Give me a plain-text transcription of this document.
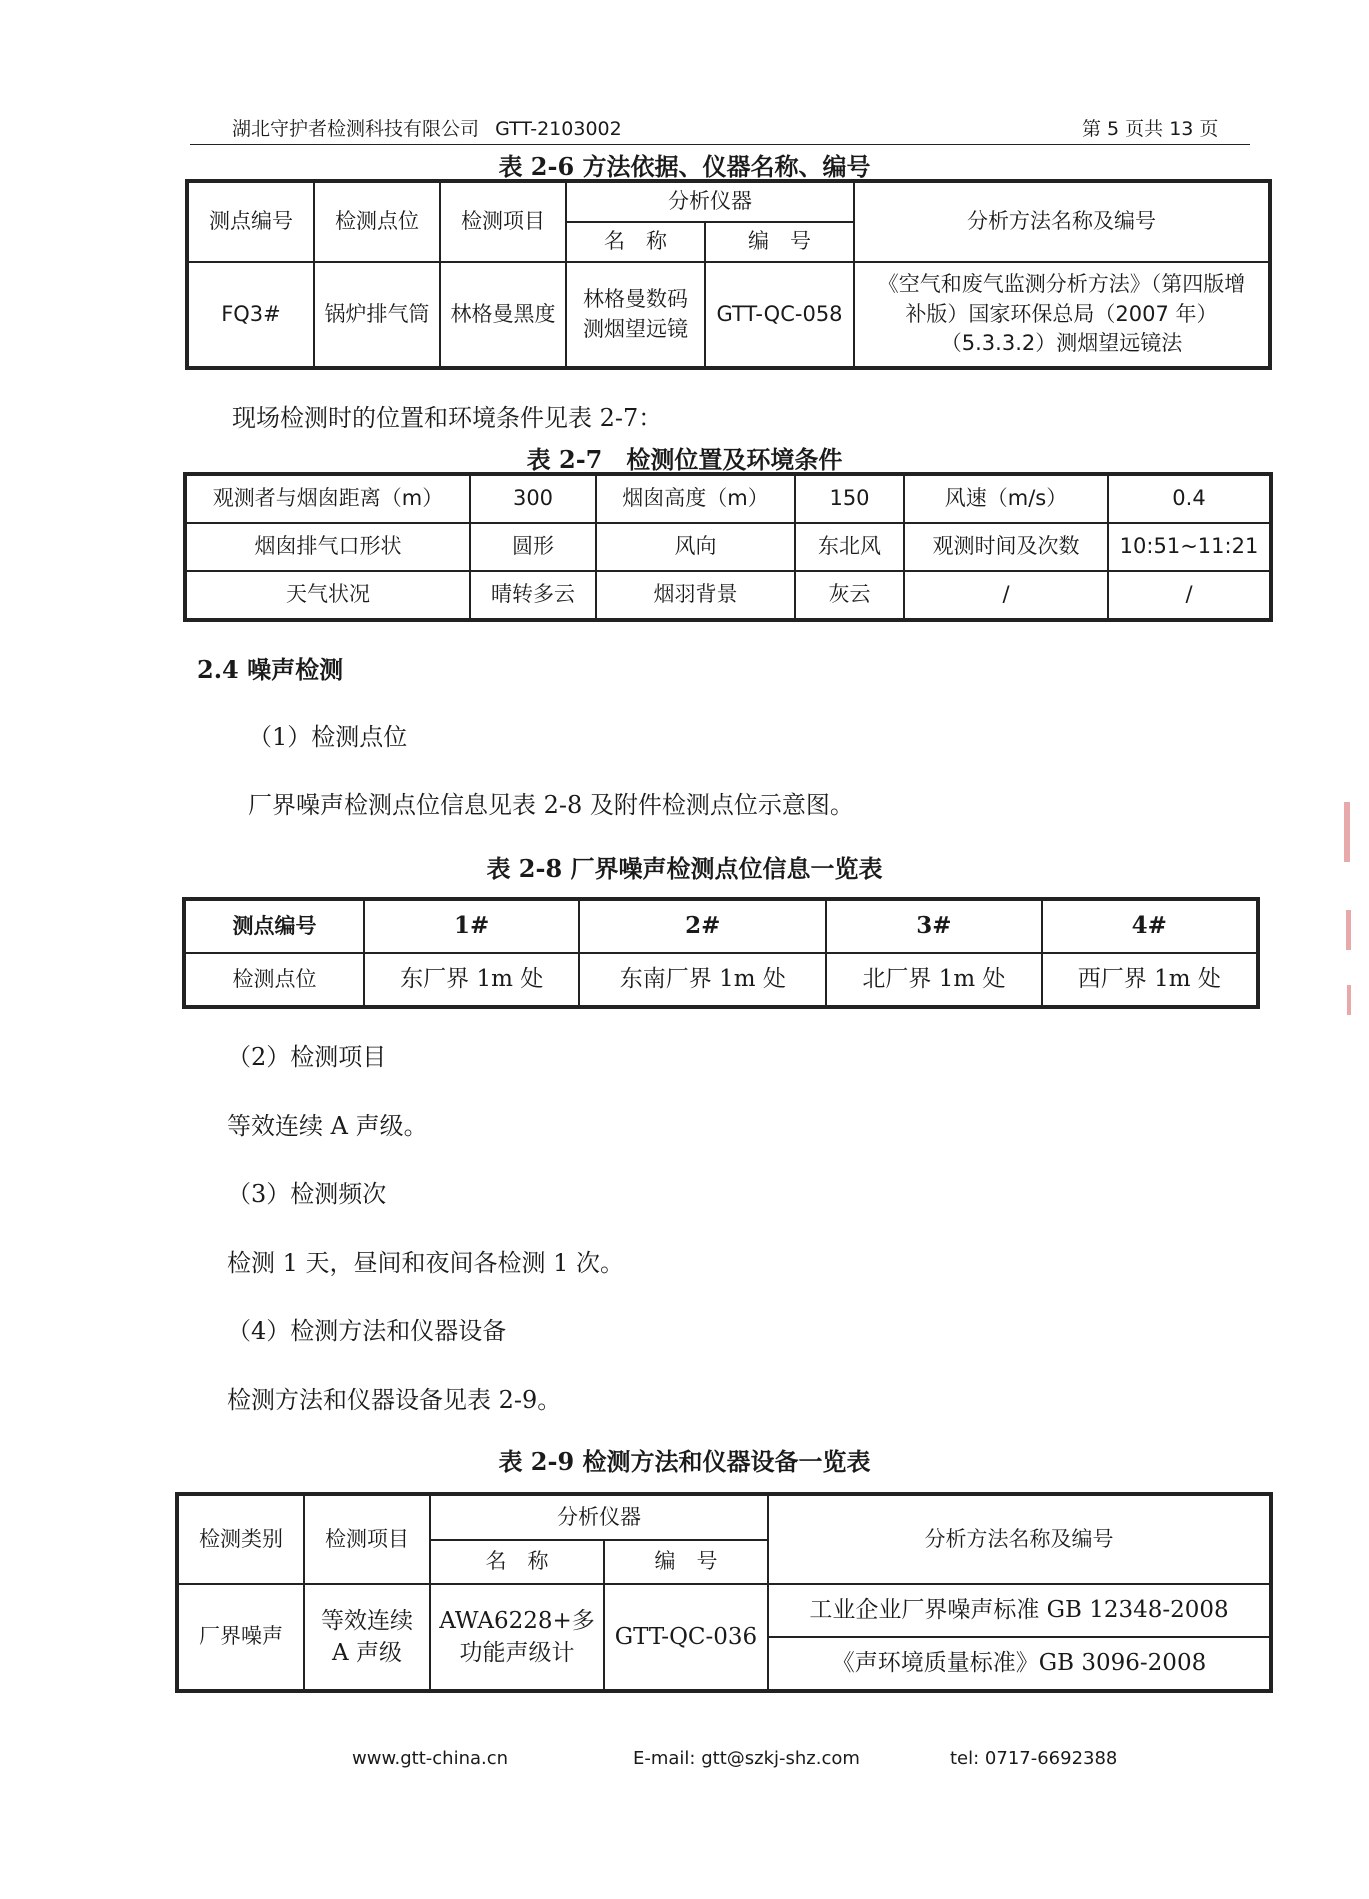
湖北守护者检测科技有限公司 GTT-2103002	第 5 页共 13 页
表 2-6 方法依据、仪器名称、编号
测点编号	检测点位	检测项目	分析仪器		分析方法名称及编号
			名　称	编　号	
FQ3#	锅炉排气筒	林格曼黑度	林格曼数码测烟望远镜	GTT-QC-058	《空气和废气监测分析方法》（第四版增补版）国家环保总局（2007 年）（5.3.3.2）测烟望远镜法
现场检测时的位置和环境条件见表 2-7：
表 2-7　检测位置及环境条件
观测者与烟囱距离（m）	300	烟囱高度（m）	150	风速（m/s）	0.4
烟囱排气口形状	圆形	风向	东北风	观测时间及次数	10:51~11:21
天气状况	晴转多云	烟羽背景	灰云	/	/
2.4 噪声检测
（1）检测点位
厂界噪声检测点位信息见表 2-8 及附件检测点位示意图。
表 2-8 厂界噪声检测点位信息一览表
测点编号	1#	2#	3#	4#
检测点位	东厂界 1m 处	东南厂界 1m 处	北厂界 1m 处	西厂界 1m 处
（2）检测项目
等效连续 A 声级。
（3）检测频次
检测 1 天，昼间和夜间各检测 1 次。
（4）检测方法和仪器设备
检测方法和仪器设备见表 2-9。
表 2-9 检测方法和仪器设备一览表
检测类别	检测项目	分析仪器		分析方法名称及编号
		名　称	编　号	
厂界噪声	等效连续 A 声级	AWA6228+多功能声级计	GTT-QC-036	工业企业厂界噪声标准 GB 12348-2008
				《声环境质量标准》GB 3096-2008
www.gtt-china.cn	E-mail: gtt@szkj-shz.com	tel: 0717-6692388
